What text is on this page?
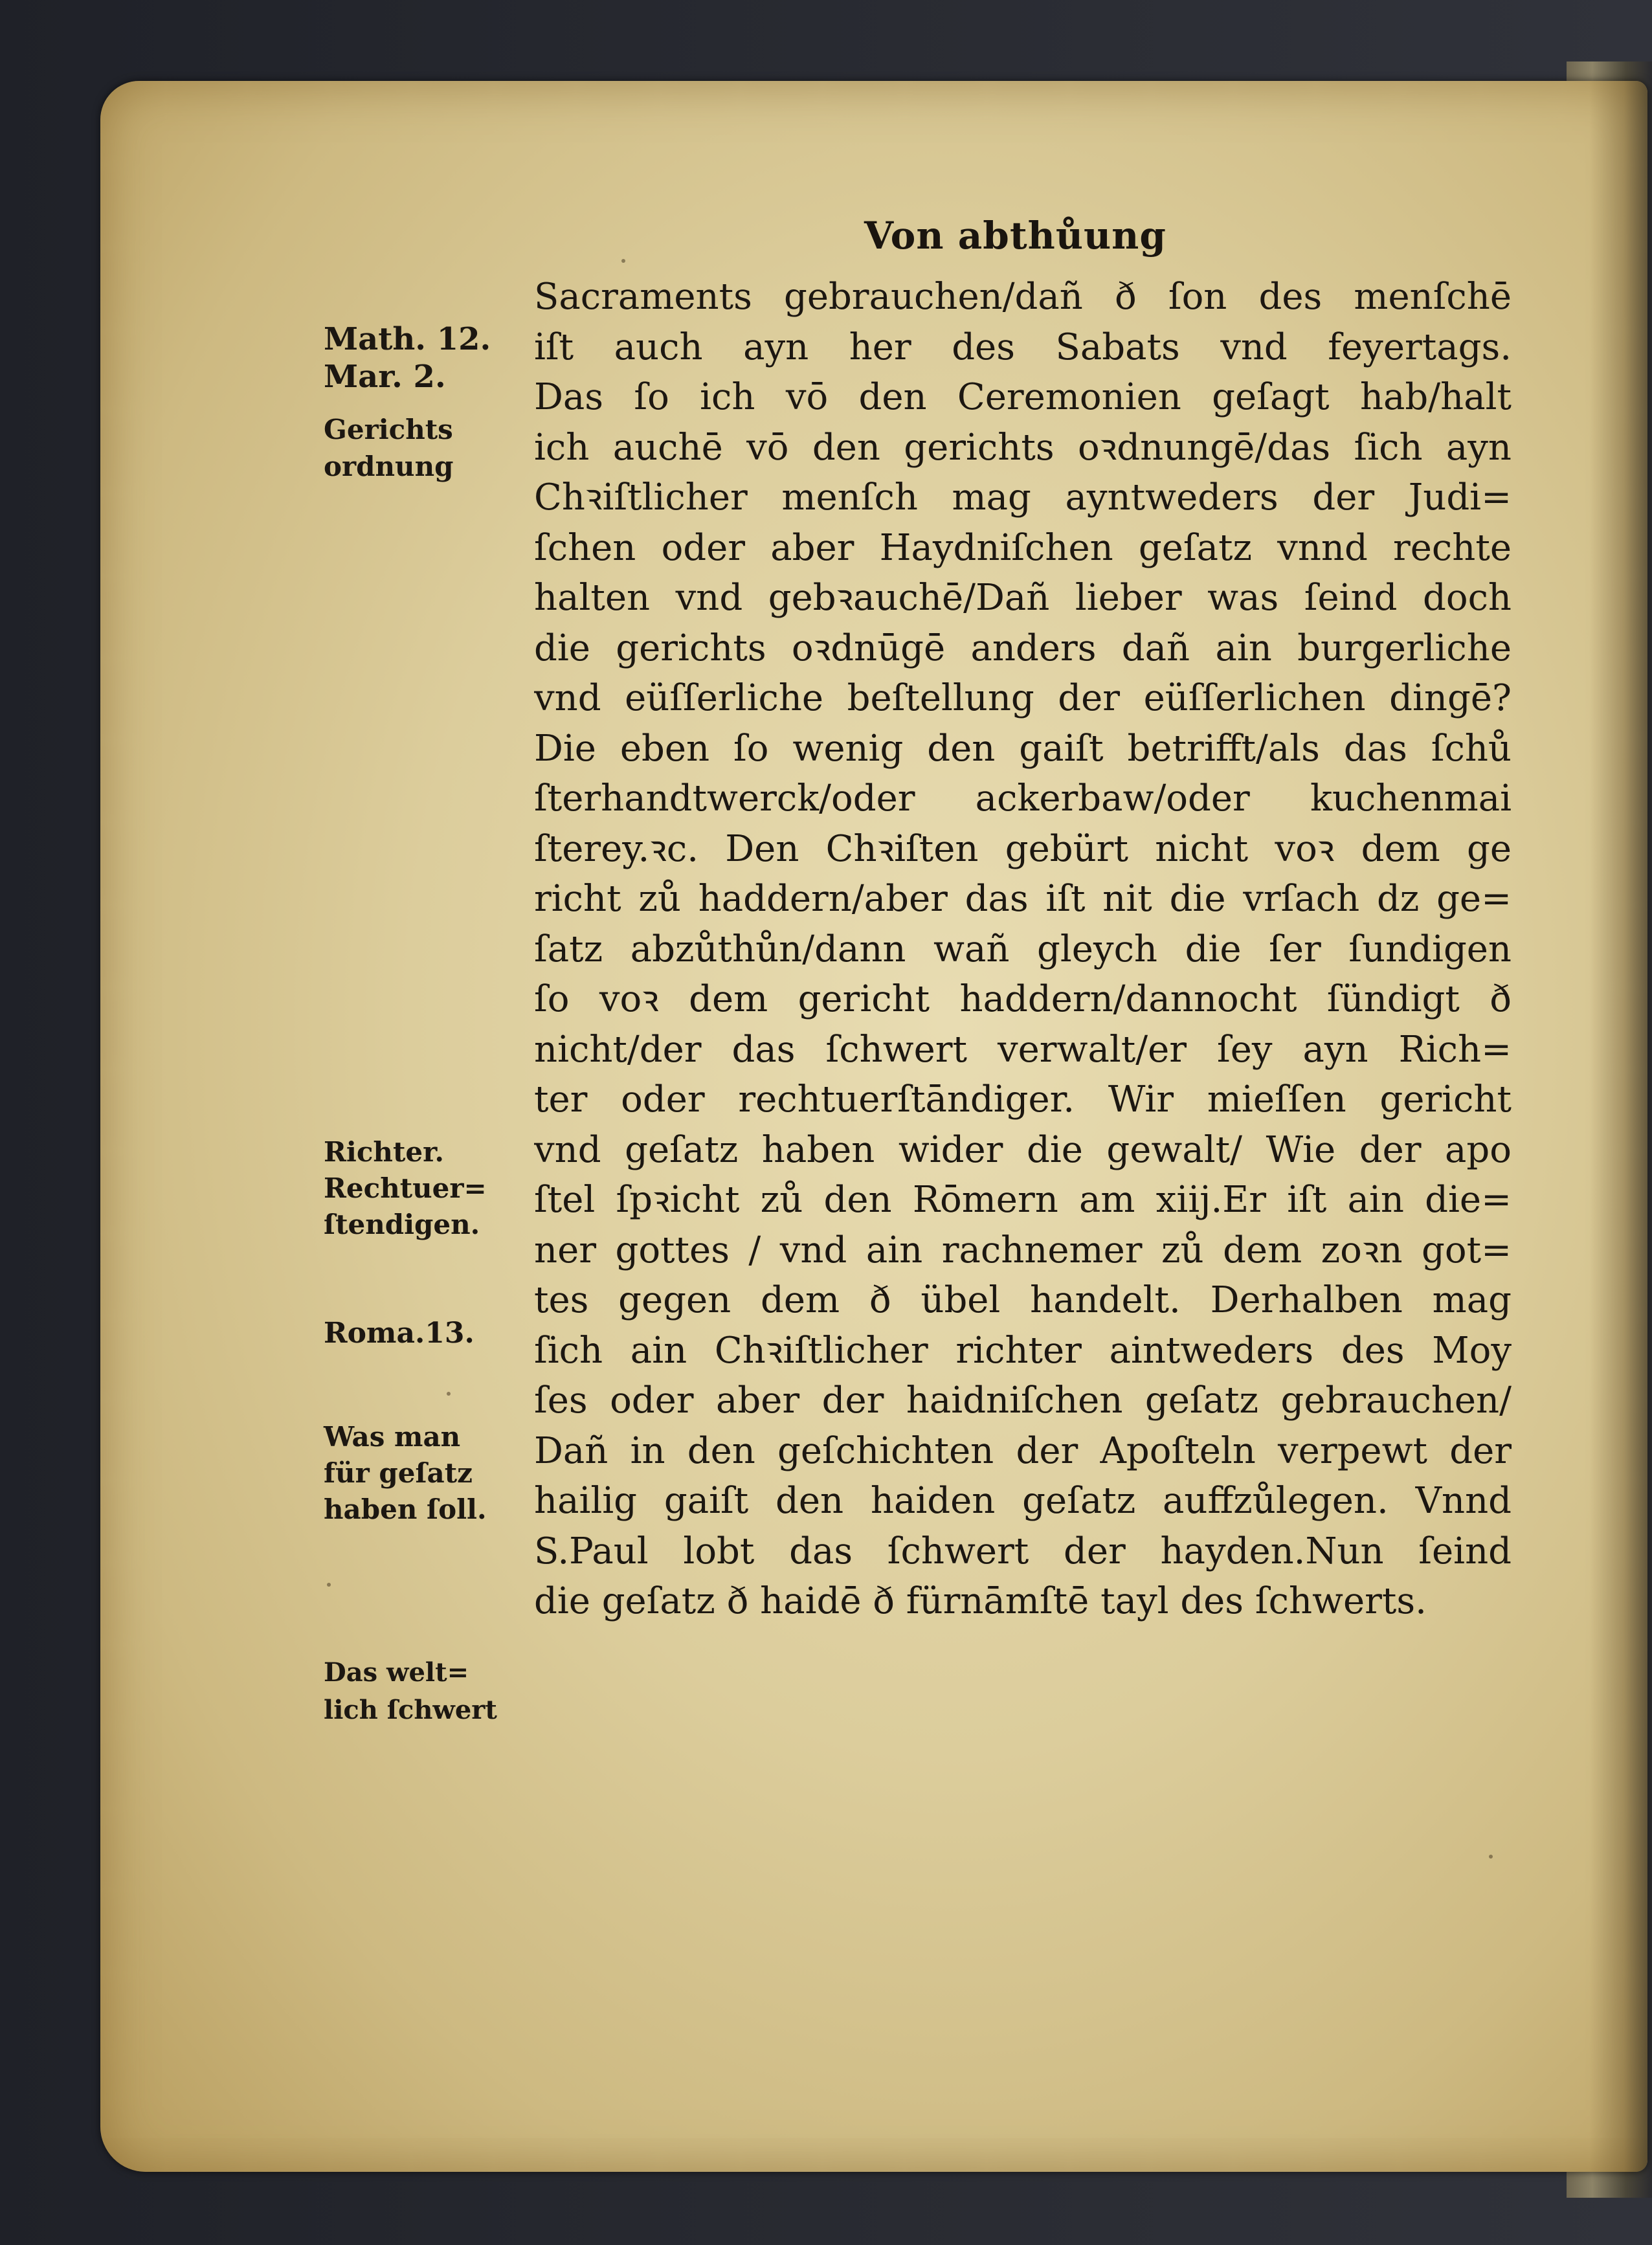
Von abthůung
Sacraments gebrauchen/dañ ð ſon des menſchē
iſt auch ayn her des Sabats vnd feyertags.
Das ſo ich vō den Ceremonien geſagt hab/halt
ich auchē vō den gerichts oꝛdnungē/das ſich ayn
Chꝛiſtlicher menſch mag ayntweders der Judi=
ſchen oder aber Haydniſchen geſatz vnnd rechte
halten vnd gebꝛauchē/Dañ lieber was ſeind doch
die gerichts oꝛdnūgē anders dañ ain burgerliche
vnd eüſſerliche beſtellung der eüſſerlichen dingē?
Die eben ſo wenig den gaiſt betrifft/als das ſchů
ſterhandtwerck/oder ackerbaw/oder kuchenmai
ſterey.ꝛc. Den Chꝛiſten gebürt nicht voꝛ dem ge
richt zů haddern/aber das iſt nit die vrſach dz ge=
ſatz abzůthůn/dann wañ gleych die ſer ſundigen
ſo voꝛ dem gericht haddern/dannocht ſündigt ð
nicht/der das ſchwert verwalt/er ſey ayn Rich=
ter oder rechtuerſtāndiger. Wir mieſſen gericht
vnd geſatz haben wider die gewalt/ Wie der apo
ſtel ſpꝛicht zů den Rōmern am xiij.Er iſt ain die=
ner gottes / vnd ain rachnemer zů dem zoꝛn got=
tes gegen dem ð übel handelt. Derhalben mag
ſich ain Chꝛiſtlicher richter aintweders des Moy
ſes oder aber der haidniſchen geſatz gebrauchen/
Dañ in den geſchichten der Apoſteln verpewt der
hailig gaiſt den haiden geſatz auffzůlegen. Vnnd
S.Paul lobt das ſchwert der hayden.Nun ſeind
die geſatz ð haidē ð fürnāmſtē tayl des ſchwerts.
Math. 12.
Mar. 2.
Gerichts
ordnung
Richter.
Rechtuer=
ſtendigen.
Roma.13.
Was man
für geſatz
haben ſoll.
Das welt=
lich ſchwert
